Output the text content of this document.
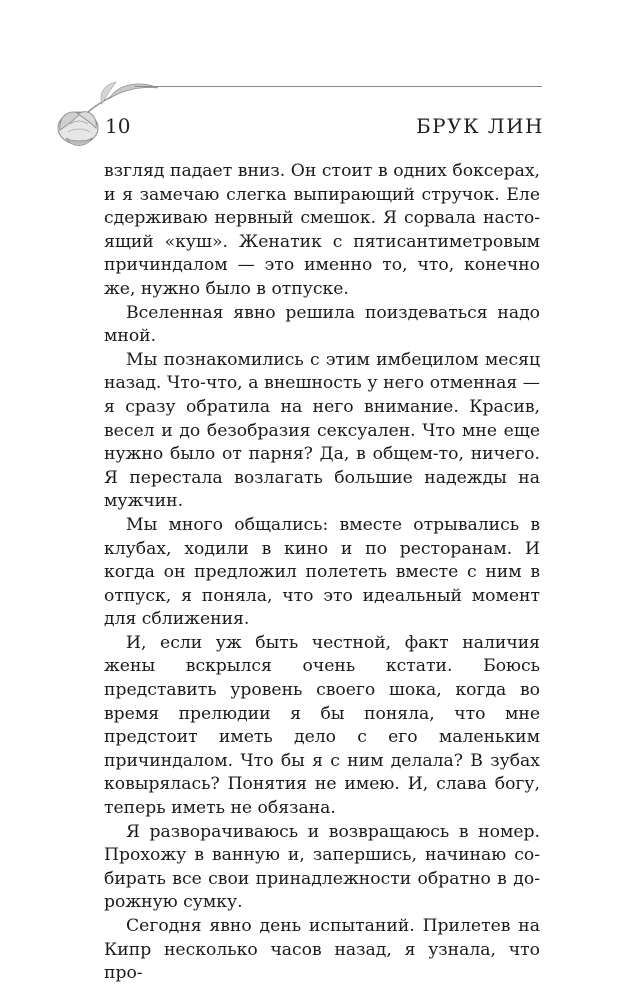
10	БРУК ЛИН

взгляд падает вниз. Он стоит в одних боксерах, и я замечаю слегка выпирающий стручок. Еле сдерживаю нервный смешок. Я сорвала настоящий «куш». Женатик с пятисантиметровым причиндалом — это именно то, что, конечно же, нужно было в отпуске.

Вселенная явно решила поиздеваться надо мной.

Мы познакомились с этим имбецилом месяц назад. Что-что, а внешность у него отменная — я сразу обратила на него внимание. Красив, весел и до безобразия сексуален. Что мне еще нужно было от парня? Да, в общем-то, ничего. Я перестала возлагать большие надежды на мужчин.

Мы много общались: вместе отрывались в клубах, ходили в кино и по ресторанам. И когда он предложил полететь вместе с ним в отпуск, я поняла, что это идеальный момент для сближения.

И, если уж быть честной, факт наличия жены вскрылся очень кстати. Боюсь представить уровень своего шока, когда во время прелюдии я бы поняла, что мне предстоит иметь дело с его маленьким причиндалом. Что бы я с ним делала? В зубах ковырялась? Понятия не имею. И, слава богу, теперь иметь не обязана.

Я разворачиваюсь и возвращаюсь в номер. Прохожу в ванную и, запершись, начинаю собирать все свои принадлежности обратно в дорожную сумку.

Сегодня явно день испытаний. Прилетев на Кипр несколько часов назад, я узнала, что про-
